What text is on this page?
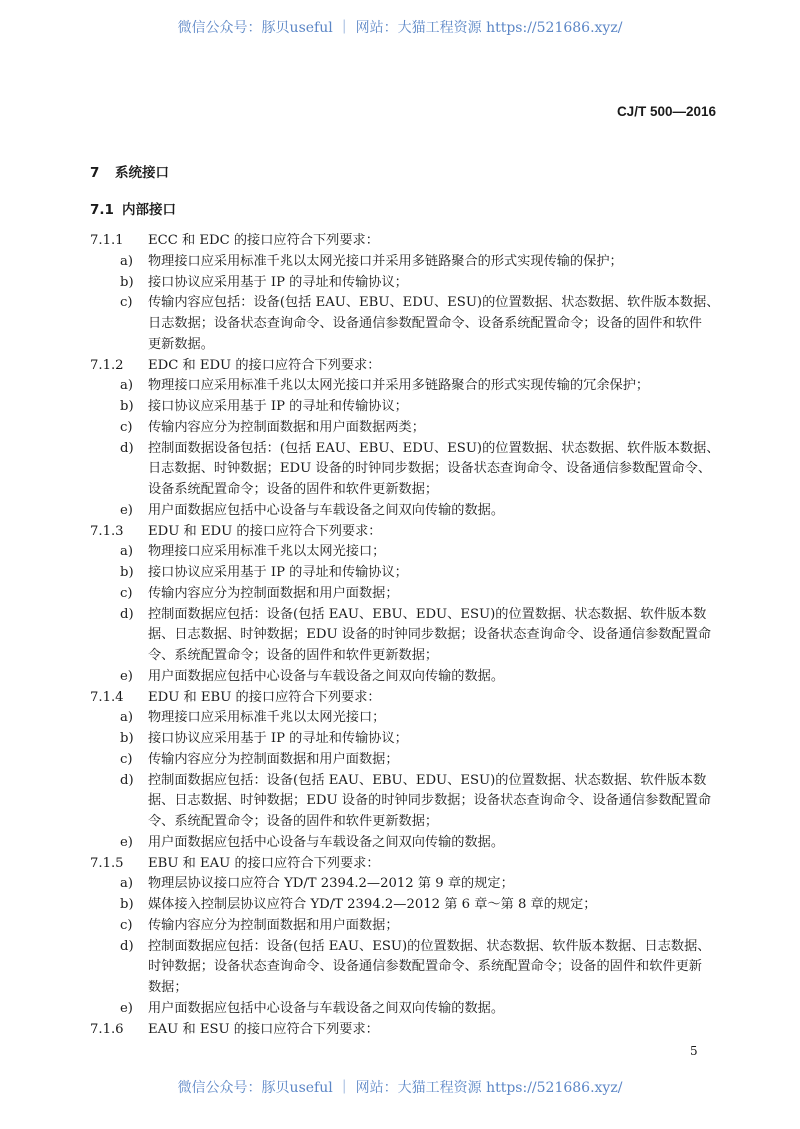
微信公众号：豚贝useful ｜ 网站：大猫工程资源 https://521686.xyz/
CJ/T 500—2016
7 系统接口
7.1 内部接口
7.1.1 ECC 和 EDC 的接口应符合下列要求：
a) 物理接口应采用标准千兆以太网光接口并采用多链路聚合的形式实现传输的保护；
b) 接口协议应采用基于 IP 的寻址和传输协议；
c) 传输内容应包括：设备(包括 EAU、EBU、EDU、ESU)的位置数据、状态数据、软件版本数据、
日志数据；设备状态查询命令、设备通信参数配置命令、设备系统配置命令；设备的固件和软件
更新数据。
7.1.2 EDC 和 EDU 的接口应符合下列要求：
a) 物理接口应采用标准千兆以太网光接口并采用多链路聚合的形式实现传输的冗余保护；
b) 接口协议应采用基于 IP 的寻址和传输协议；
c) 传输内容应分为控制面数据和用户面数据两类；
d) 控制面数据设备包括：(包括 EAU、EBU、EDU、ESU)的位置数据、状态数据、软件版本数据、
日志数据、时钟数据；EDU 设备的时钟同步数据；设备状态查询命令、设备通信参数配置命令、
设备系统配置命令；设备的固件和软件更新数据；
e) 用户面数据应包括中心设备与车载设备之间双向传输的数据。
7.1.3 EDU 和 EDU 的接口应符合下列要求：
a) 物理接口应采用标准千兆以太网光接口；
b) 接口协议应采用基于 IP 的寻址和传输协议；
c) 传输内容应分为控制面数据和用户面数据；
d) 控制面数据应包括：设备(包括 EAU、EBU、EDU、ESU)的位置数据、状态数据、软件版本数
据、日志数据、时钟数据；EDU 设备的时钟同步数据；设备状态查询命令、设备通信参数配置命
令、系统配置命令；设备的固件和软件更新数据；
e) 用户面数据应包括中心设备与车载设备之间双向传输的数据。
7.1.4 EDU 和 EBU 的接口应符合下列要求：
a) 物理接口应采用标准千兆以太网光接口；
b) 接口协议应采用基于 IP 的寻址和传输协议；
c) 传输内容应分为控制面数据和用户面数据；
d) 控制面数据应包括：设备(包括 EAU、EBU、EDU、ESU)的位置数据、状态数据、软件版本数
据、日志数据、时钟数据；EDU 设备的时钟同步数据；设备状态查询命令、设备通信参数配置命
令、系统配置命令；设备的固件和软件更新数据；
e) 用户面数据应包括中心设备与车载设备之间双向传输的数据。
7.1.5 EBU 和 EAU 的接口应符合下列要求：
a) 物理层协议接口应符合 YD/T 2394.2—2012 第 9 章的规定；
b) 媒体接入控制层协议应符合 YD/T 2394.2—2012 第 6 章～第 8 章的规定；
c) 传输内容应分为控制面数据和用户面数据；
d) 控制面数据应包括：设备(包括 EAU、ESU)的位置数据、状态数据、软件版本数据、日志数据、
时钟数据；设备状态查询命令、设备通信参数配置命令、系统配置命令；设备的固件和软件更新
数据；
e) 用户面数据应包括中心设备与车载设备之间双向传输的数据。
7.1.6 EAU 和 ESU 的接口应符合下列要求：
5
微信公众号：豚贝useful ｜ 网站：大猫工程资源 https://521686.xyz/
